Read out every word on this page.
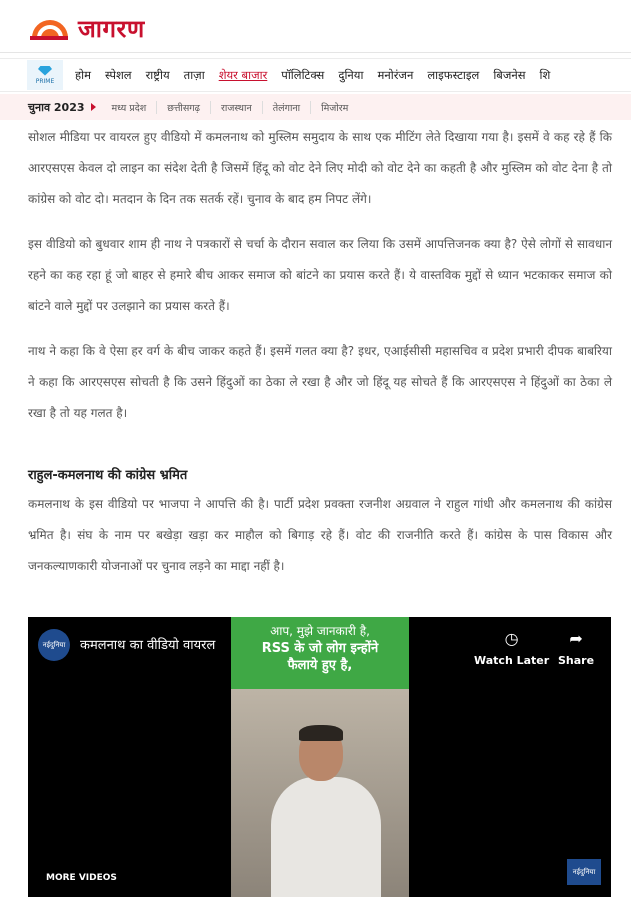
जागरण
PRIME होम स्पेशल राष्ट्रीय ताज़ा शेयर बाजार पॉलिटिक्स दुनिया मनोरंजन लाइफस्टाइल बिजनेस शि
चुनाव 2023	मध्य प्रदेश	छत्तीसगढ़	राजस्थान	तेलंगाना	मिजोरम

सोशल मीडिया पर वायरल हुए वीडियो में कमलनाथ को मुस्लिम समुदाय के साथ एक मीटिंग लेते दिखाया गया है। इसमें वे कह रहे हैं कि आरएसएस केवल दो लाइन का संदेश देती है जिसमें हिंदू को वोट देने लिए मोदी को वोट देने का कहती है और मुस्लिम को वोट देना है तो कांग्रेस को वोट दो। मतदान के दिन तक सतर्क रहें। चुनाव के बाद हम निपट लेंगे।

इस वीडियो को बुधवार शाम ही नाथ ने पत्रकारों से चर्चा के दौरान सवाल कर लिया कि उसमें आपत्तिजनक क्या है? ऐसे लोगों से सावधान रहने का कह रहा हूं जो बाहर से हमारे बीच आकर समाज को बांटने का प्रयास करते हैं। ये वास्तविक मुद्दों से ध्यान भटकाकर समाज को बांटने वाले मुद्दों पर उलझाने का प्रयास करते हैं।

नाथ ने कहा कि वे ऐसा हर वर्ग के बीच जाकर कहते हैं। इसमें गलत क्या है? इधर, एआईसीसी महासचिव व प्रदेश प्रभारी दीपक बाबरिया ने कहा कि आरएसएस सोचती है कि उसने हिंदुओं का ठेका ले रखा है और जो हिंदू यह सोचते हैं कि आरएसएस ने हिंदुओं का ठेका ले रखा है तो यह गलत है।

राहुल-कमलनाथ की कांग्रेस भ्रमित

कमलनाथ के इस वीडियो पर भाजपा ने आपत्ति की है। पार्टी प्रदेश प्रवक्ता रजनीश अग्रवाल ने राहुल गांधी और कमलनाथ की कांग्रेस भ्रमित है। संघ के नाम पर बखेड़ा खड़ा कर माहौल को बिगाड़ रहे हैं। वोट की राजनीति करते हैं। कांग्रेस के पास विकास और जनकल्याणकारी योजनाओं पर चुनाव लड़ने का माद्दा नहीं है।

आप, मुझे जानकारी है,
RSS के जो लोग इन्होंने
फैलाये हुए है,
नईदुनिया	कमलनाथ का वीडियो वायरल	◷
Watch Later
➦
Share
MORE VIDEOS
नईदुनिया
